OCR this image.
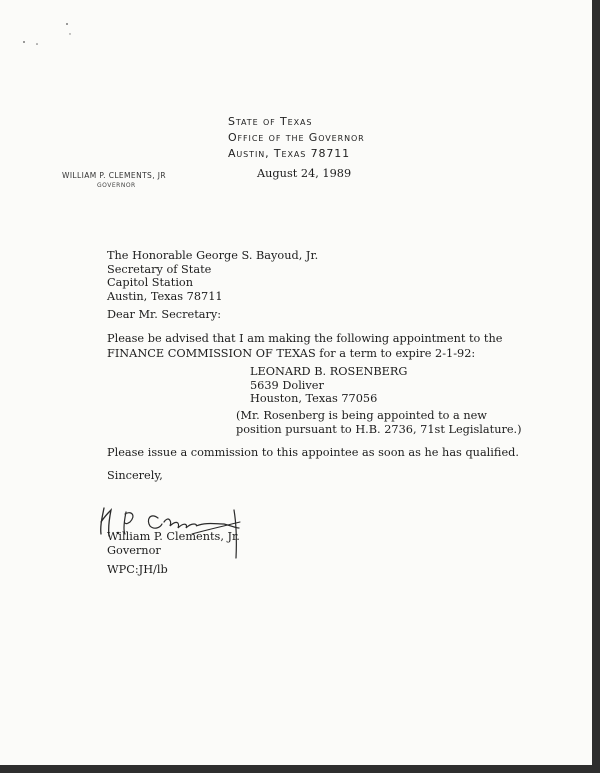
State of Texas
Office of the Governor
Austin, Texas 78711
WILLIAM P. CLEMENTS, JR
GOVERNOR
August 24, 1989
The Honorable George S. Bayoud, Jr.
Secretary of State
Capitol Station
Austin, Texas 78711
Dear Mr. Secretary:
Please be advised that I am making the following appointment to the
FINANCE COMMISSION OF TEXAS for a term to expire 2-1-92:
LEONARD B. ROSENBERG
5639 Doliver
Houston, Texas 77056
(Mr. Rosenberg is being appointed to a new
position pursuant to H.B. 2736, 71st Legislature.)
Please issue a commission to this appointee as soon as he has qualified.
Sincerely,
William P. Clements, Jr.
Governor
WPC:JH/lb
